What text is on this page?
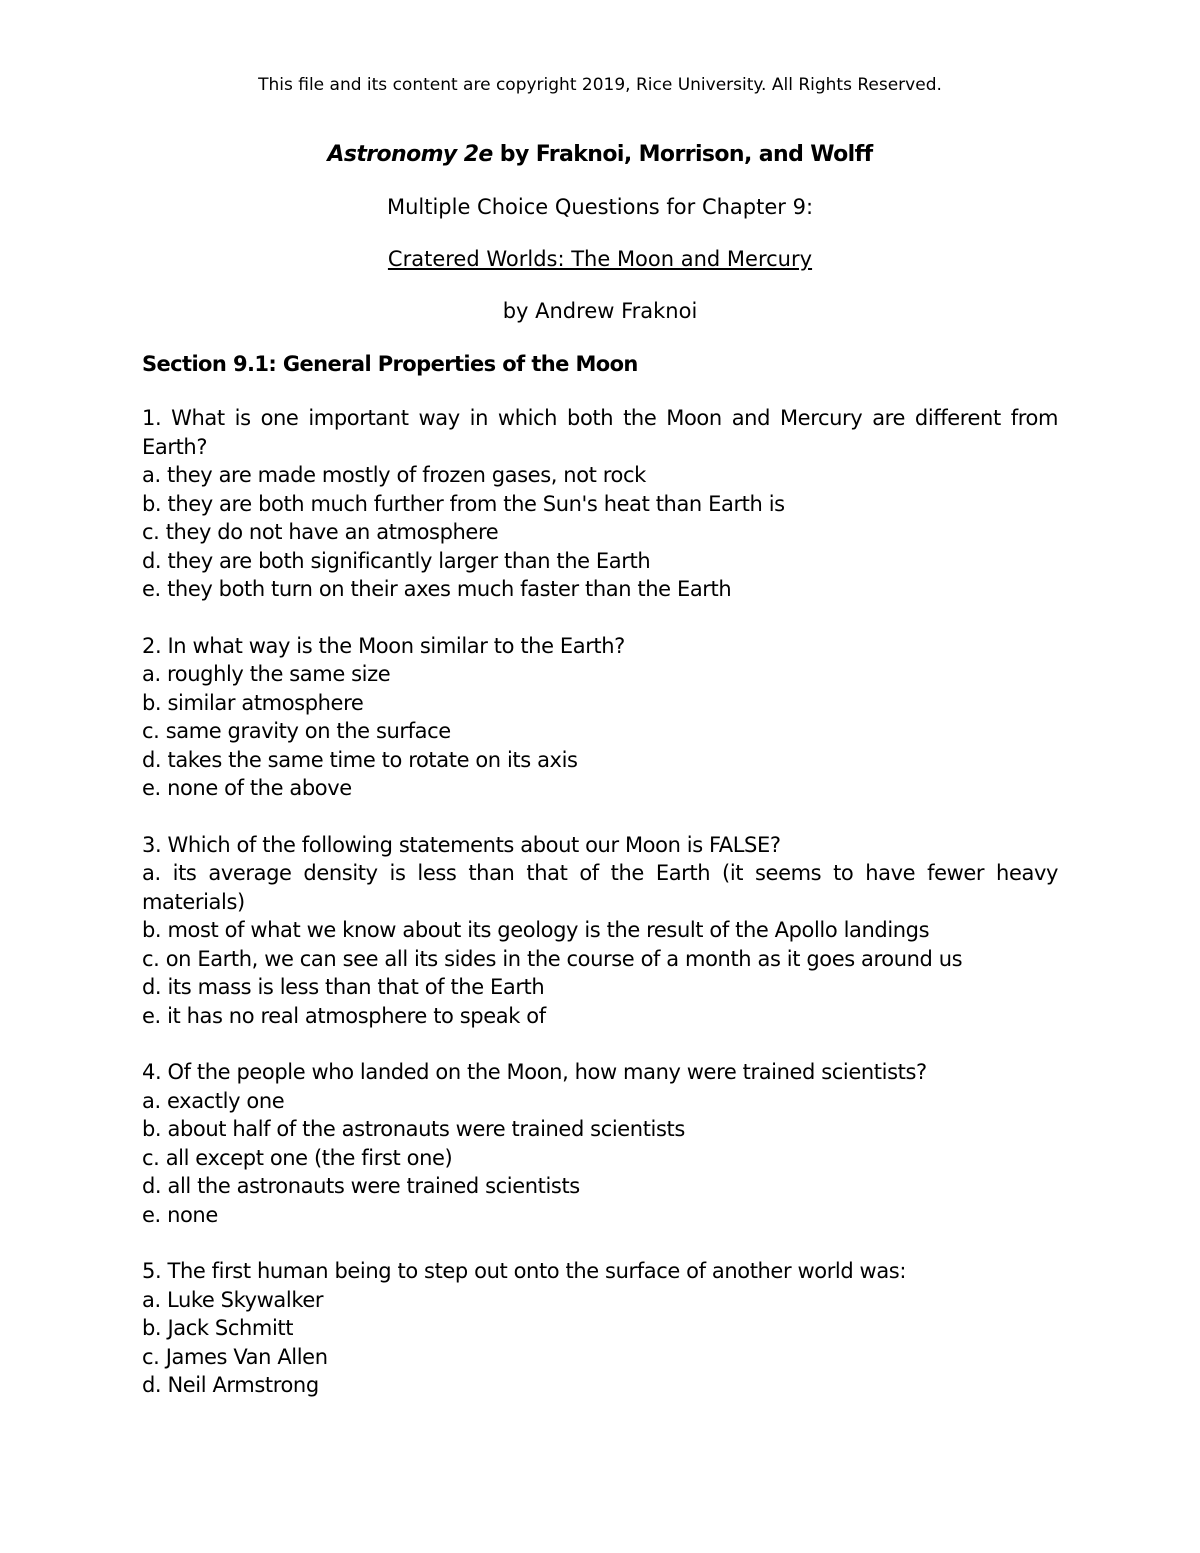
This file and its content are copyright 2019, Rice University. All Rights Reserved.

Astronomy 2e by Fraknoi, Morrison, and Wolff

Multiple Choice Questions for Chapter 9:

Cratered Worlds: The Moon and Mercury

by Andrew Fraknoi

Section 9.1: General Properties of the Moon

1. What is one important way in which both the Moon and Mercury are different from Earth?

a. they are made mostly of frozen gases, not rock
b. they are both much further from the Sun's heat than Earth is
c. they do not have an atmosphere
d. they are both significantly larger than the Earth
e. they both turn on their axes much faster than the Earth

2. In what way is the Moon similar to the Earth?

a. roughly the same size
b. similar atmosphere
c. same gravity on the surface
d. takes the same time to rotate on its axis
e. none of the above

3. Which of the following statements about our Moon is FALSE?

a. its average density is less than that of the Earth (it seems to have fewer heavy materials)
b. most of what we know about its geology is the result of the Apollo landings
c. on Earth, we can see all its sides in the course of a month as it goes around us
d. its mass is less than that of the Earth
e. it has no real atmosphere to speak of

4. Of the people who landed on the Moon, how many were trained scientists?

a. exactly one
b. about half of the astronauts were trained scientists
c. all except one (the first one)
d. all the astronauts were trained scientists
e. none

5. The first human being to step out onto the surface of another world was:

a. Luke Skywalker
b. Jack Schmitt
c. James Van Allen
d. Neil Armstrong
